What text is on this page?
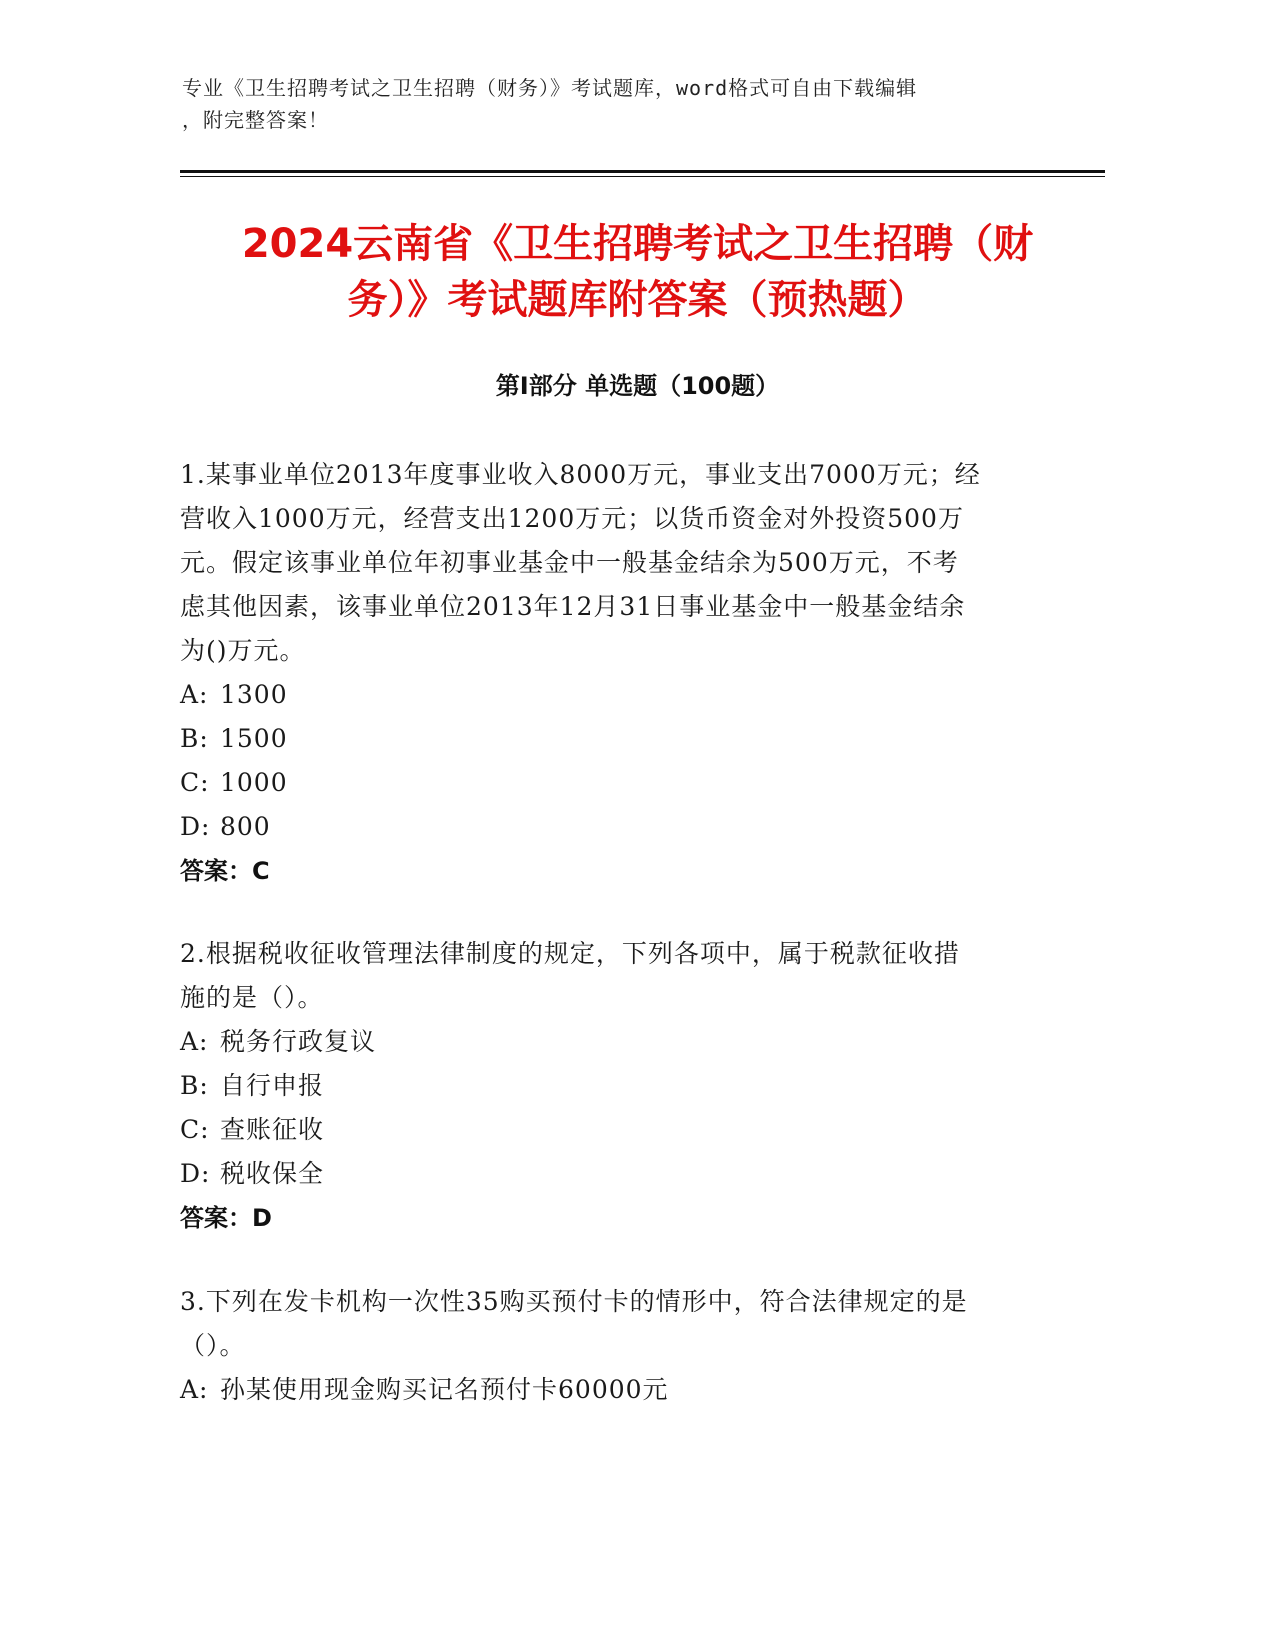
专业《卫生招聘考试之卫生招聘（财务）》考试题库，word格式可自由下载编辑
，附完整答案！
2024云南省《卫生招聘考试之卫生招聘（财
务）》考试题库附答案（预热题）
第I部分 单选题（100题）
1.某事业单位2013年度事业收入8000万元，事业支出7000万元；经
营收入1000万元，经营支出1200万元；以货币资金对外投资500万
元。假定该事业单位年初事业基金中一般基金结余为500万元，不考
虑其他因素，该事业单位2013年12月31日事业基金中一般基金结余
为()万元。
A: 1300
B: 1500
C: 1000
D: 800
答案：C
2.根据税收征收管理法律制度的规定，下列各项中，属于税款征收措
施的是（）。
A: 税务行政复议
B: 自行申报
C: 查账征收
D: 税收保全
答案：D
3.下列在发卡机构一次性35购买预付卡的情形中，符合法律规定的是
（）。
A: 孙某使用现金购买记名预付卡60000元
